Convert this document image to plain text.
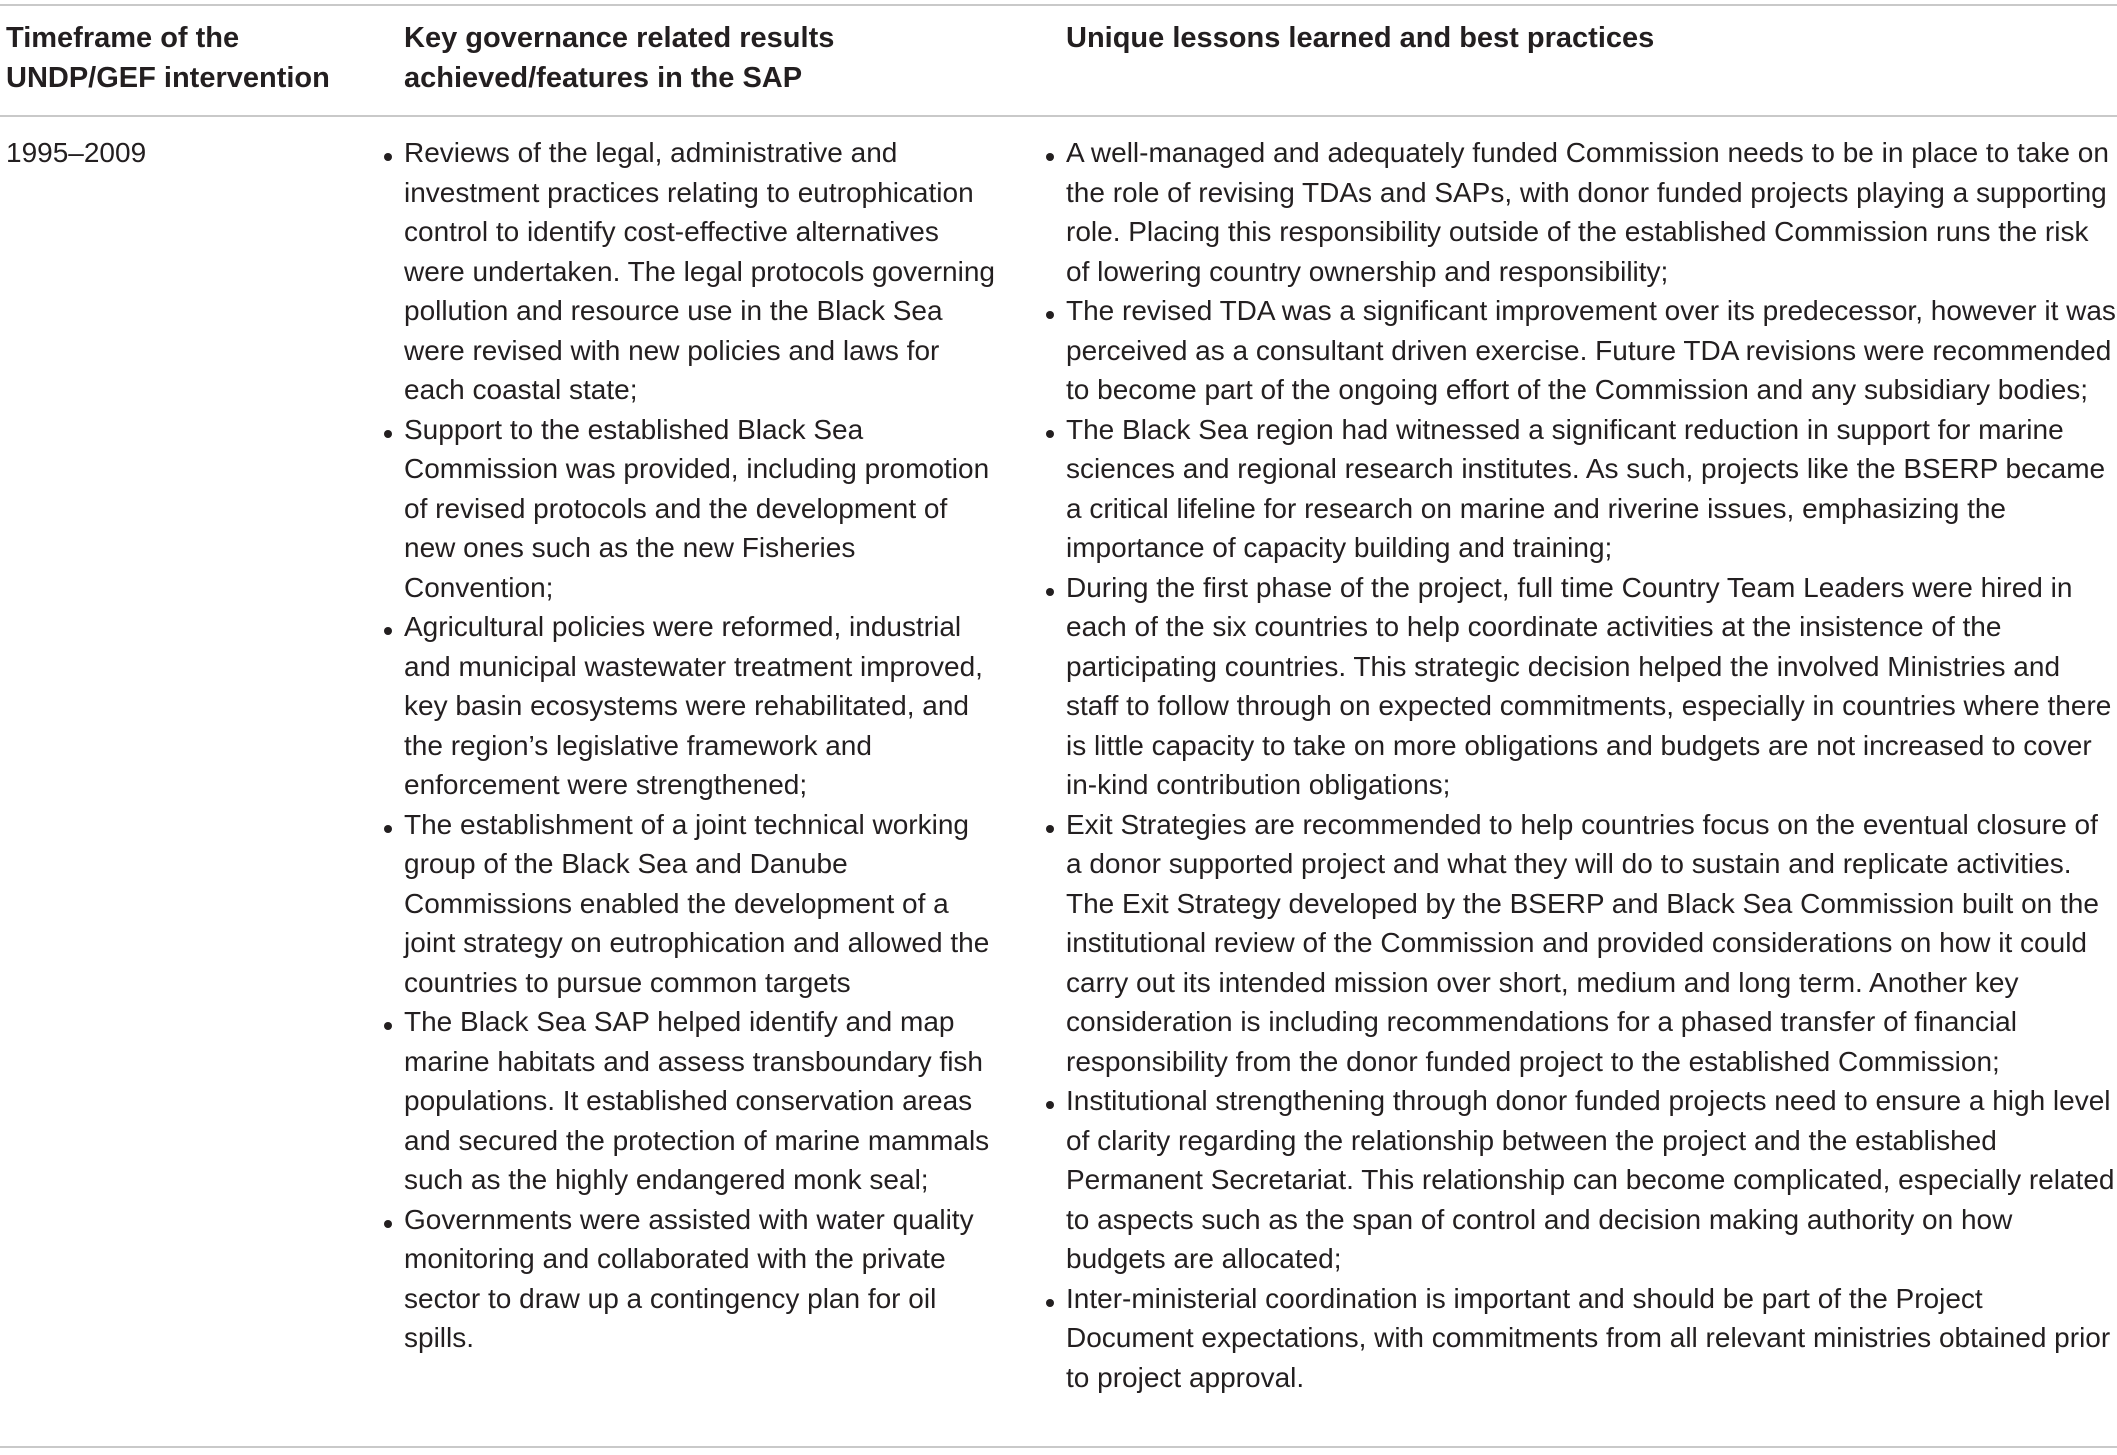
Timeframe of the UNDP/GEF intervention

Key governance related results achieved/features in the SAP

Unique lessons learned and best practices

1995–2009	Reviews of the legal, administrative and investment practices relating to eutrophication control to identify cost-effective alternatives were undertaken. The legal protocols governing pollution and resource use in the Black Sea were revised with new policies and laws for each coastal state;
Support to the established Black Sea Commission was provided, including promotion of revised protocols and the development of new ones such as the new Fisheries Convention;
Agricultural policies were reformed, industrial and municipal wastewater treatment improved, key basin ecosystems were rehabilitated, and the region’s legislative framework and enforcement were strengthened;
The establishment of a joint technical working group of the Black Sea and Danube Commissions enabled the development of a joint strategy on eutrophication and allowed the countries to pursue common targets
The Black Sea SAP helped identify and map marine habitats and assess transboundary fish populations. It established conservation areas and secured the protection of marine mammals such as the highly endangered monk seal;
Governments were assisted with water quality monitoring and collaborated with the private sector to draw up a contingency plan for oil spills.
A well-managed and adequately funded Commission needs to be in place to take on the role of revising TDAs and SAPs, with donor funded projects playing a supporting role. Placing this responsibility outside of the established Commission runs the risk of lowering country ownership and responsibility;
The revised TDA was a significant improvement over its predecessor, however it was perceived as a consultant driven exercise. Future TDA revisions were recommended to become part of the ongoing effort of the Commission and any subsidiary bodies;
The Black Sea region had witnessed a significant reduction in support for marine sciences and regional research institutes. As such, projects like the BSERP became a critical lifeline for research on marine and riverine issues, emphasizing the importance of capacity building and training;
During the first phase of the project, full time Country Team Leaders were hired in each of the six countries to help coordinate activities at the insistence of the participating countries. This strategic decision helped the involved Ministries and staff to follow through on expected commitments, especially in countries where there is little capacity to take on more obligations and budgets are not increased to cover in-kind contribution obligations;
Exit Strategies are recommended to help countries focus on the eventual closure of a donor supported project and what they will do to sustain and replicate activities. The Exit Strategy developed by the BSERP and Black Sea Commission built on the institutional review of the Commission and provided considerations on how it could carry out its intended mission over short, medium and long term. Another key consideration is including recommendations for a phased transfer of financial responsibility from the donor funded project to the established Commission;
Institutional strengthening through donor funded projects need to ensure a high level of clarity regarding the relationship between the project and the established Permanent Secretariat. This relationship can become complicated, especially related to aspects such as the span of control and decision making authority on how budgets are allocated;
Inter-ministerial coordination is important and should be part of the Project Document expectations, with commitments from all relevant ministries obtained prior to project approval.
